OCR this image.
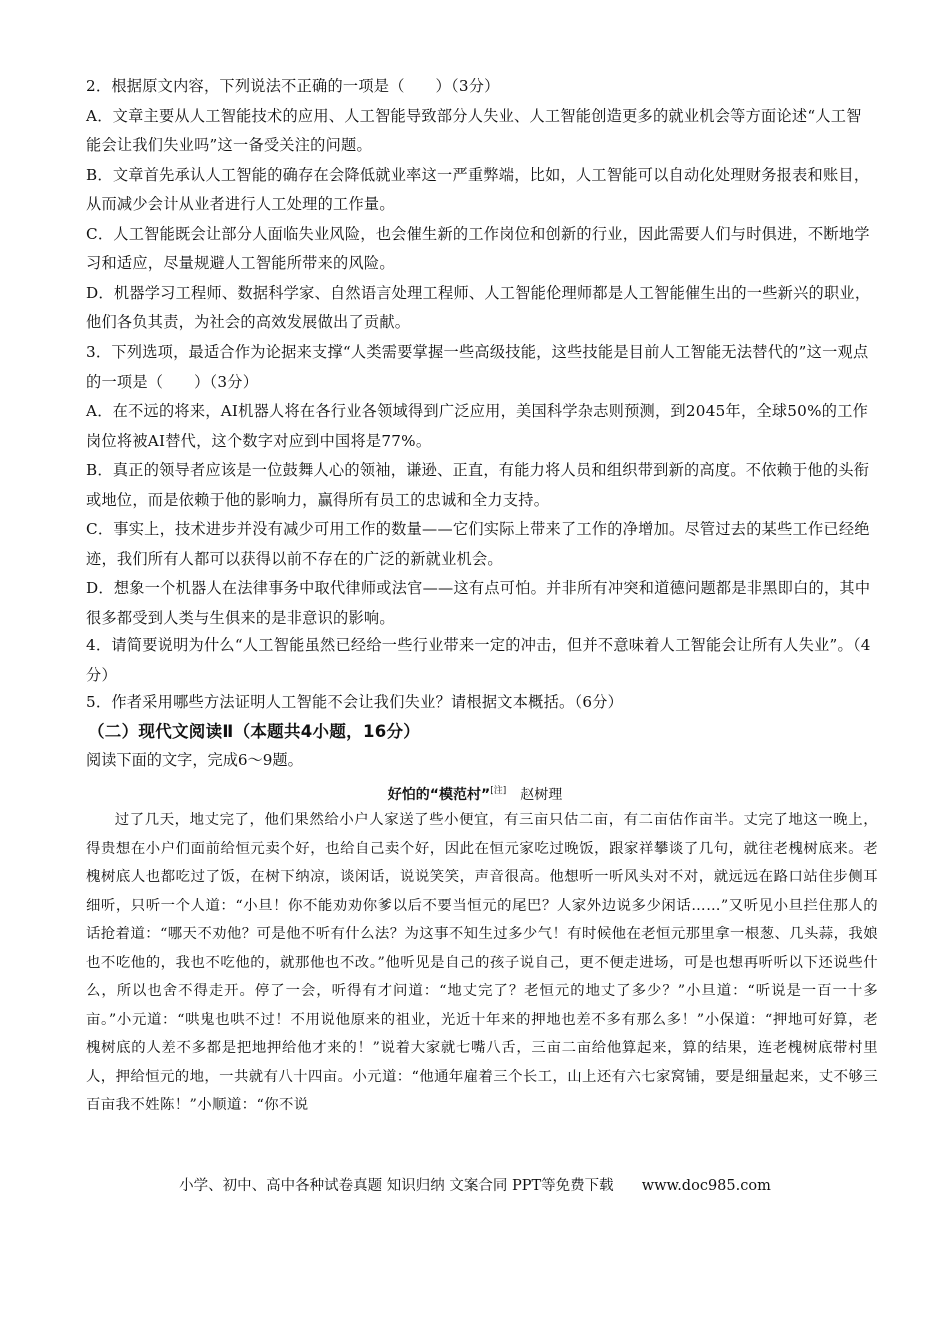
2．根据原文内容，下列说法不正确的一项是（　　）（3分）

A．文章主要从人工智能技术的应用、人工智能导致部分人失业、人工智能创造更多的就业机会等方面论述“人工智能会让我们失业吗”这一备受关注的问题。

B．文章首先承认人工智能的确存在会降低就业率这一严重弊端，比如，人工智能可以自动化处理财务报表和账目，从而减少会计从业者进行人工处理的工作量。

C．人工智能既会让部分人面临失业风险，也会催生新的工作岗位和创新的行业，因此需要人们与时俱进，不断地学习和适应，尽量规避人工智能所带来的风险。

D．机器学习工程师、数据科学家、自然语言处理工程师、人工智能伦理师都是人工智能催生出的一些新兴的职业，他们各负其责，为社会的高效发展做出了贡献。

3．下列选项，最适合作为论据来支撑“人类需要掌握一些高级技能，这些技能是目前人工智能无法替代的”这一观点的一项是（　　）（3分）

A．在不远的将来，AI机器人将在各行业各领域得到广泛应用，美国科学杂志则预测，到2045年，全球50%的工作岗位将被AI替代，这个数字对应到中国将是77%。

B．真正的领导者应该是一位鼓舞人心的领袖，谦逊、正直，有能力将人员和组织带到新的高度。不依赖于他的头衔或地位，而是依赖于他的影响力，赢得所有员工的忠诚和全力支持。

C．事实上，技术进步并没有减少可用工作的数量——它们实际上带来了工作的净增加。尽管过去的某些工作已经绝迹，我们所有人都可以获得以前不存在的广泛的新就业机会。

D．想象一个机器人在法律事务中取代律师或法官——这有点可怕。并非所有冲突和道德问题都是非黑即白的，其中很多都受到人类与生俱来的是非意识的影响。

4．请简要说明为什么“人工智能虽然已经给一些行业带来一定的冲击，但并不意味着人工智能会让所有人失业”。（4分）

5．作者采用哪些方法证明人工智能不会让我们失业？请根据文本概括。（6分）

（二）现代文阅读Ⅱ（本题共4小题，16分）
阅读下面的文字，完成6～9题。
好怕的“模范村”[注] 赵树理
过了几天，地丈完了，他们果然给小户人家送了些小便宜，有三亩只估二亩，有二亩估作亩半。丈完了地这一晚上，得贵想在小户们面前给恒元卖个好，也给自己卖个好，因此在恒元家吃过晚饭，跟家祥攀谈了几句，就往老槐树底来。老槐树底人也都吃过了饭，在树下纳凉，谈闲话，说说笑笑，声音很高。他想听一听风头对不对，就远远在路口站住步侧耳细听，只听一个人道：“小旦！你不能劝劝你爹以后不要当恒元的尾巴？人家外边说多少闲话……”又听见小旦拦住那人的话抢着道：“哪天不劝他？可是他不听有什么法？为这事不知生过多少气！有时候他在老恒元那里拿一根葱、几头蒜，我娘也不吃他的，我也不吃他的，就那他也不改。”他听见是自己的孩子说自己，更不便走进场，可是也想再听听以下还说些什么，所以也舍不得走开。停了一会，听得有才问道：“地丈完了？老恒元的地丈了多少？”小旦道：“听说是一百一十多亩。”小元道：“哄鬼也哄不过！不用说他原来的祖业，光近十年来的押地也差不多有那么多！”小保道：“押地可好算，老槐树底的人差不多都是把地押给他才来的！”说着大家就七嘴八舌，三亩二亩给他算起来，算的结果，连老槐树底带村里人，押给恒元的地，一共就有八十四亩。小元道：“他通年雇着三个长工，山上还有六七家窝铺，要是细量起来，丈不够三百亩我不姓陈！”小顺道：“你不说
小学、初中、高中各种试卷真题 知识归纳 文案合同 PPT等免费下载 www.doc985.com
